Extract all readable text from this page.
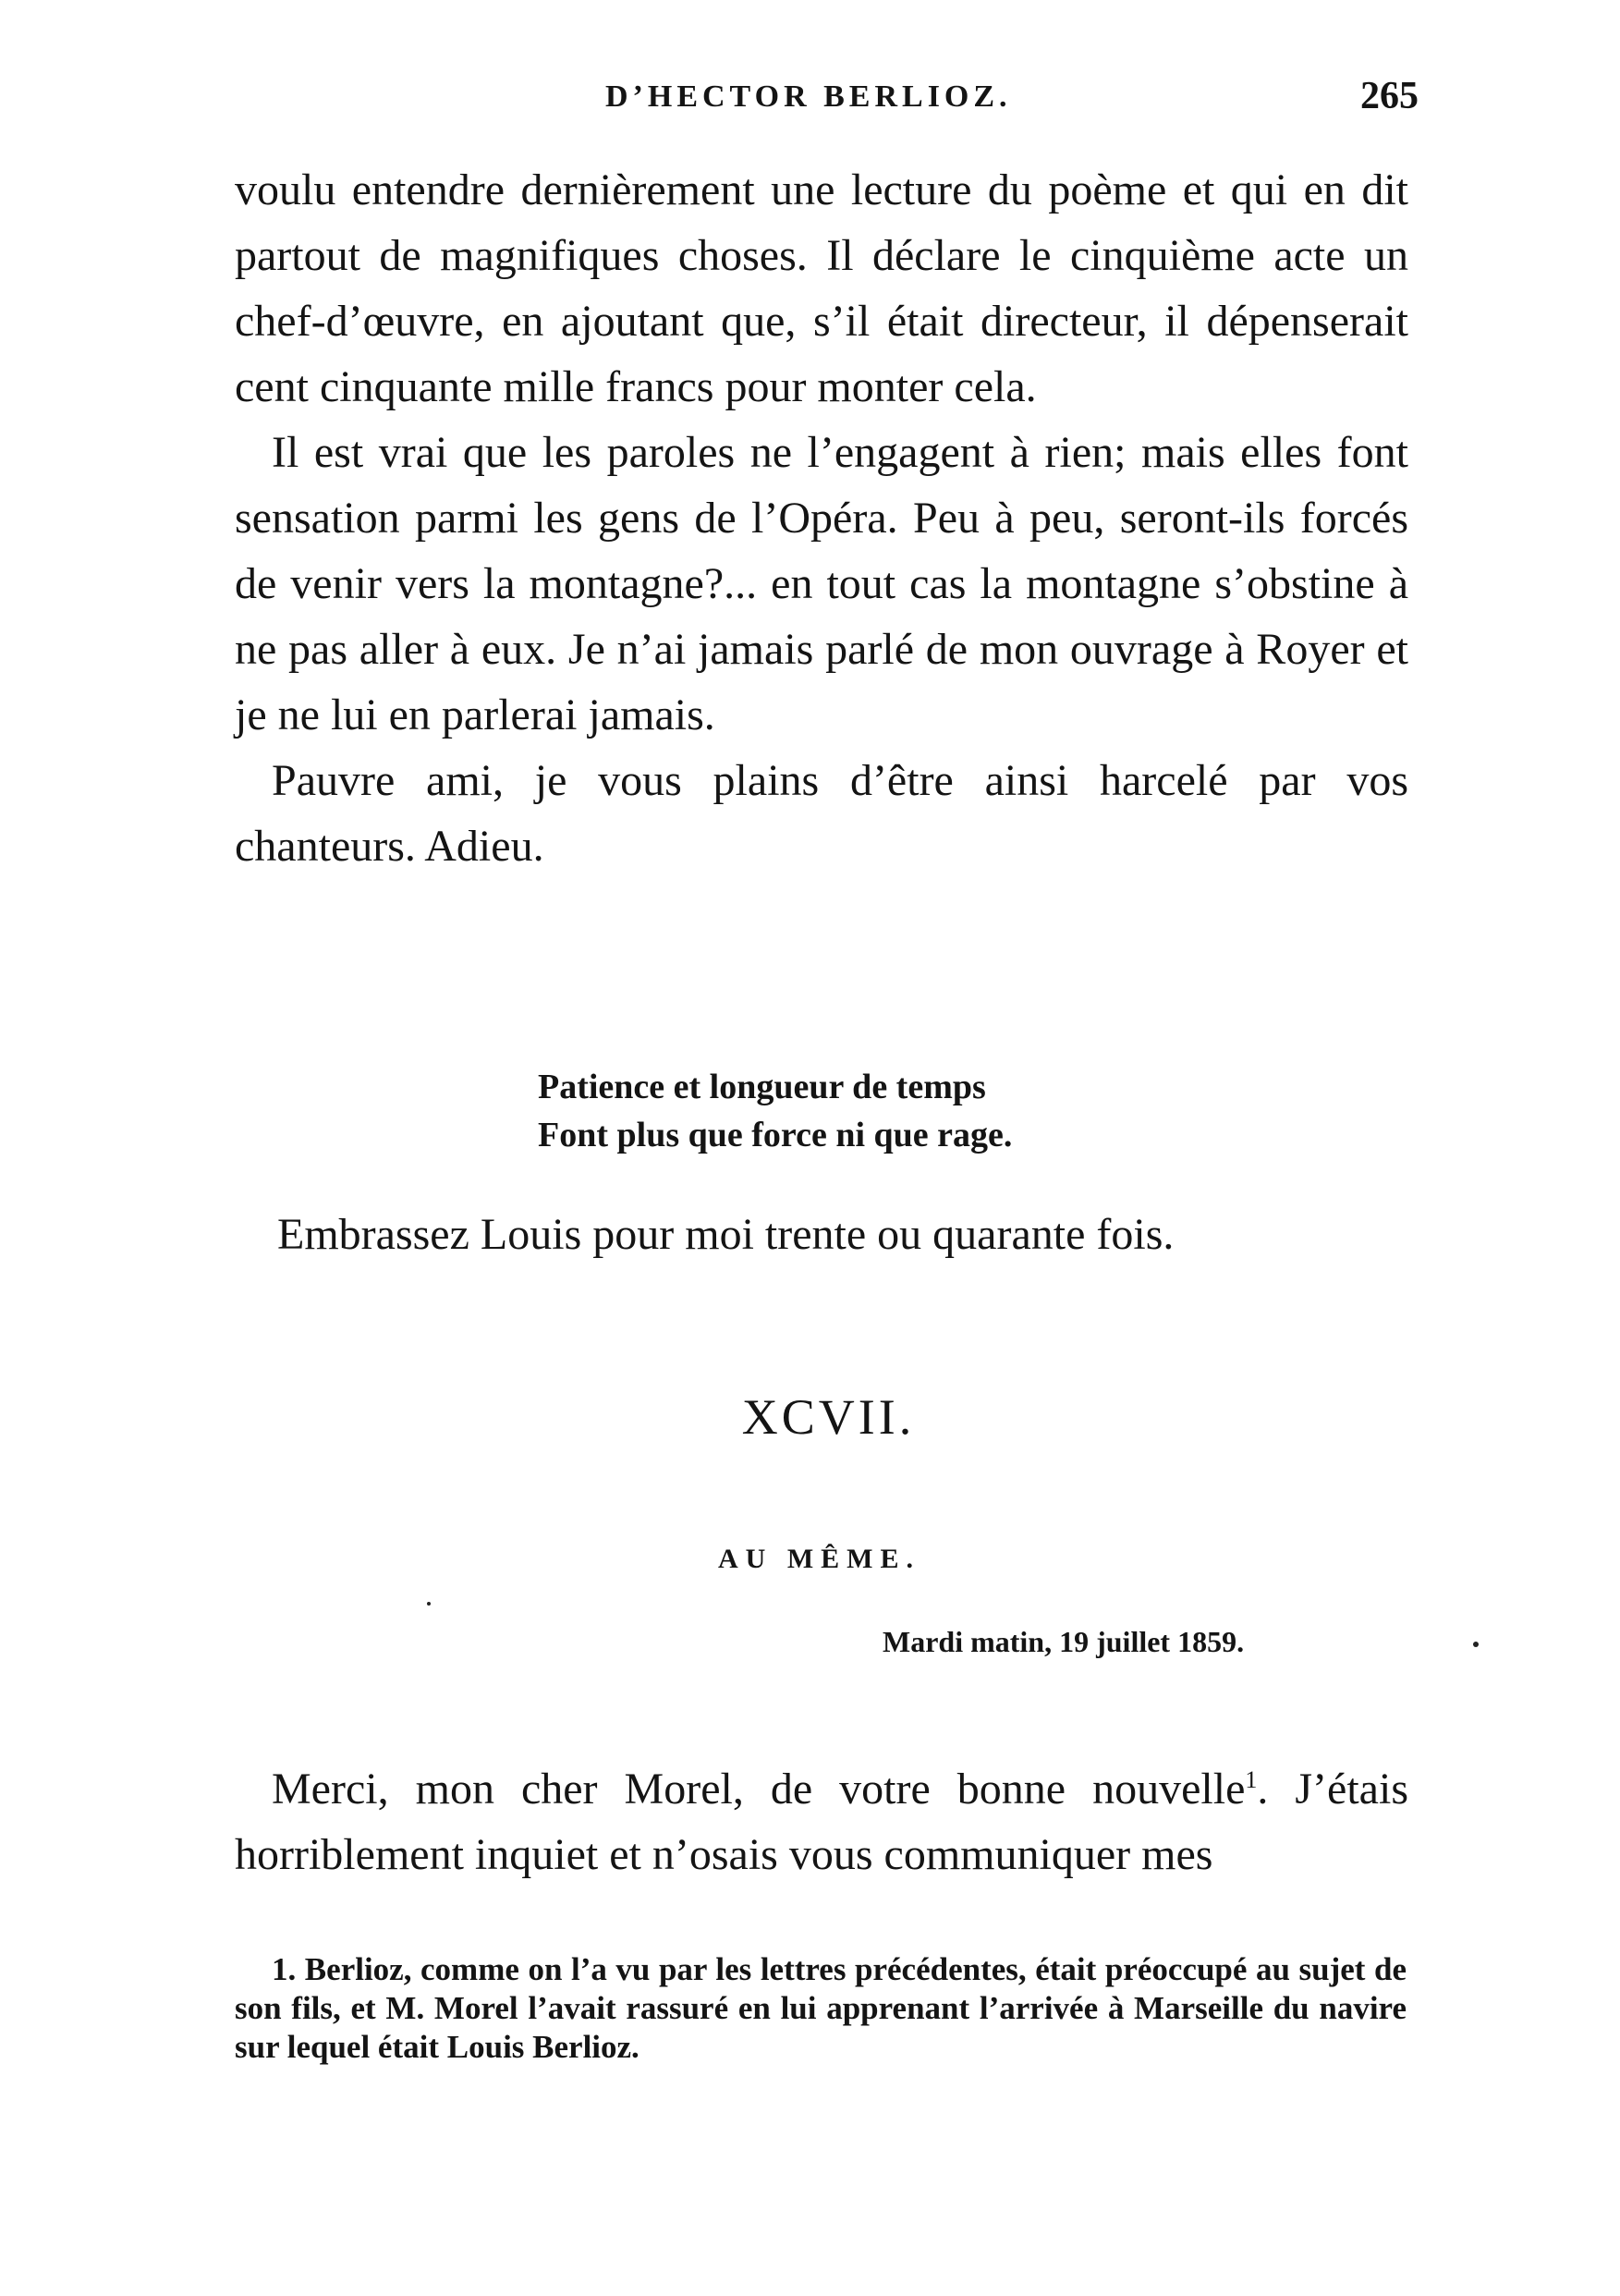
D’HECTOR BERLIOZ.	265

voulu entendre dernièrement une lecture du poème et qui en dit partout de magnifiques choses. Il déclare le cinquième acte un chef-d’œuvre, en ajoutant que, s’il était directeur, il dépenserait cent cinquante mille francs pour monter cela.

Il est vrai que les paroles ne l’engagent à rien; mais elles font sensation parmi les gens de l’Opéra. Peu à peu, seront-ils forcés de venir vers la montagne?... en tout cas la montagne s’obstine à ne pas aller à eux. Je n’ai jamais parlé de mon ouvrage à Royer et je ne lui en parlerai jamais.

Pauvre ami, je vous plains d’être ainsi harcelé par vos chanteurs. Adieu.

Patience et longueur de temps
Font plus que force ni que rage.
Embrassez Louis pour moi trente ou quarante fois.
XCVII.
AU MÊME.
Mardi matin, 19 juillet 1859.

Merci, mon cher Morel, de votre bonne nouvelle$^1$. J’étais horriblement inquiet et n’osais vous communiquer mes

1. Berlioz, comme on l’a vu par les lettres précédentes, était préoccupé au sujet de son fils, et M. Morel l’avait rassuré en lui apprenant l’arrivée à Marseille du navire sur lequel était Louis Berlioz.
